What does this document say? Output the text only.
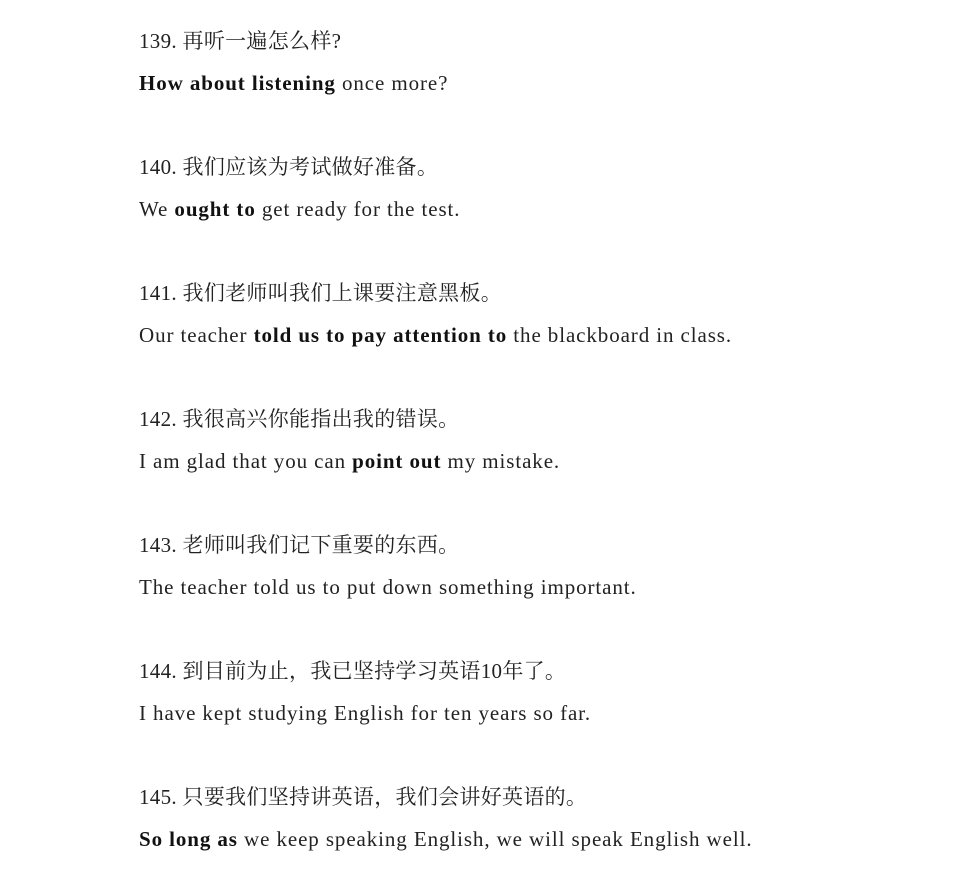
139. 再听一遍怎么样?
How about listening once more?
140. 我们应该为考试做好准备。
We ought to get ready for the test.
141. 我们老师叫我们上课要注意黑板。
Our teacher told us to pay attention to the blackboard in class.
142. 我很高兴你能指出我的错误。
I am glad that you can point out my mistake.
143. 老师叫我们记下重要的东西。
The teacher told us to put down something important.
144. 到目前为止，我已坚持学习英语10年了。
I have kept studying English for ten years so far.
145. 只要我们坚持讲英语，我们会讲好英语的。
So long as we keep speaking English, we will speak English well.
